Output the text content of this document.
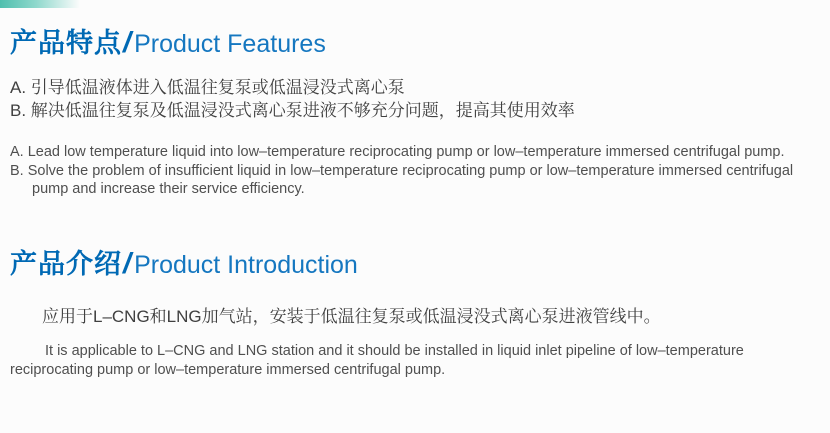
产品特点 / Product Features
A. 引导低温液体进入低温往复泵或低温浸没式离心泵
B. 解决低温往复泵及低温浸没式离心泵进液不够充分问题，提高其使用效率
A. Lead low temperature liquid into low–temperature reciprocating pump or low–temperature immersed centrifugal pump.
B. Solve the problem of insufficient liquid in low–temperature reciprocating pump or low–temperature immersed centrifugal pump and increase their service efficiency.
产品介绍 / Product Introduction
应用于L–CNG和LNG加气站，安装于低温往复泵或低温浸没式离心泵进液管线中。
It is applicable to L–CNG and LNG station and it should be installed in liquid inlet pipeline of low–temperature reciprocating pump or low–temperature immersed centrifugal pump.
